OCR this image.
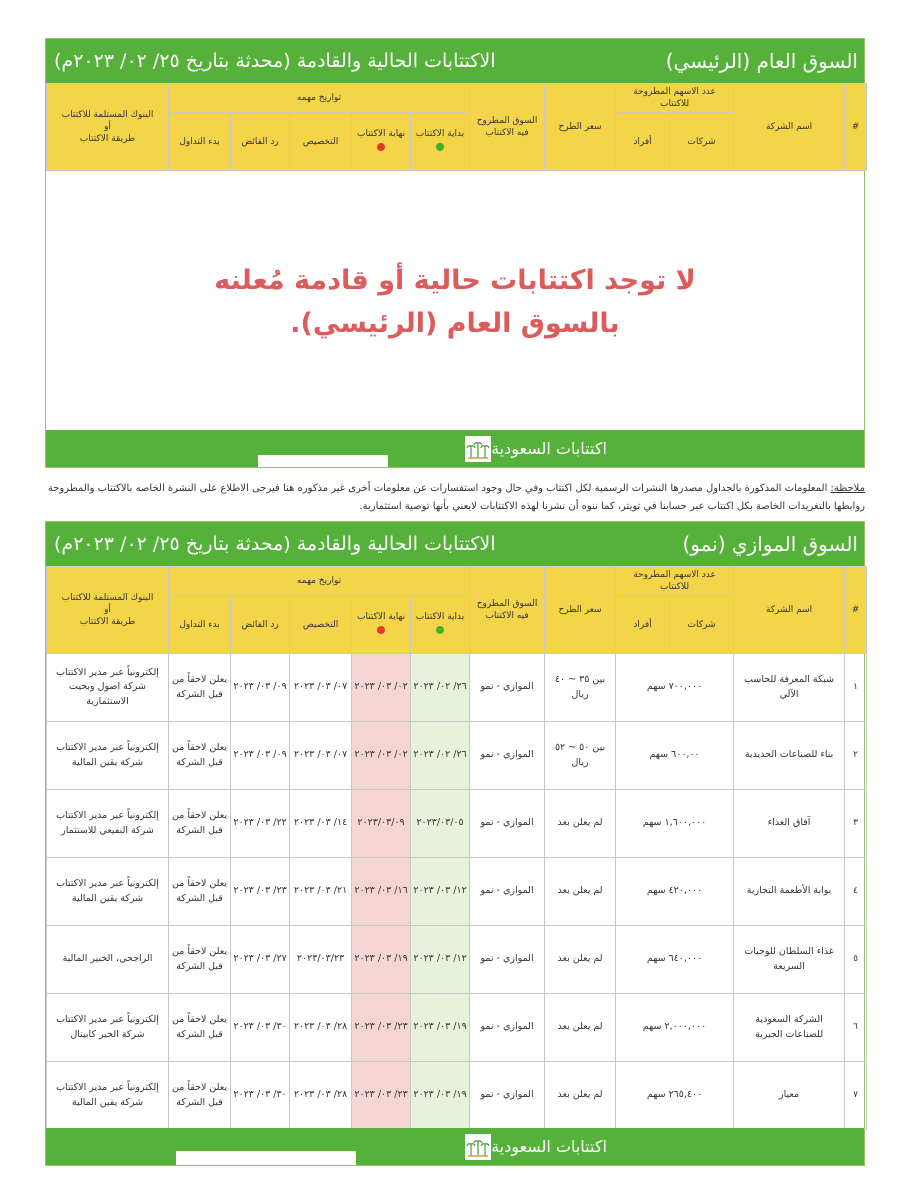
السوق العام (الرئيسي)
الاكتتابات الحالية والقادمة (محدثة بتاريخ ٢٥/ ٠٢/ ٢٠٢٣م)
#	اسم الشركة	عدد الاسهم المطروحة للاكتتاب		سعر الطرح	السوق المطروح فيه الاكتتاب	تواريخ مهمه					البنوك المستلمة للاكتتاب
أو
طريقة الاكتتاب

		شركات	أفراد			بداية الاكتتاب	نهاية الاكتتاب	التخصيص	رد الفائض	بدء التداول	
لا توجد اكتتابات حالية أو قادمة مُعلنه
بالسوق العام (الرئيسي).
اكتتابات السعودية
ملاحظة: المعلومات المذكورة بالجداول مصدرها النشرات الرسمية لكل اكتتاب وفي حال وجود استفسارات عن معلومات أخرى غير مذكوره هنا فيرجى الاطلاع على النشرة الخاصه بالاكتتاب والمطروحة روابطها بالتغريدات الخاصة بكل اكتتاب عبر حسابنا في تويتر، كما ننوه أن نشرنا لهذه الاكتتابات لايعني بأنها توصية استثمارية.
السوق الموازي (نمو)
الاكتتابات الحالية والقادمة (محدثة بتاريخ ٢٥/ ٠٢/ ٢٠٢٣م)
#	اسم الشركة	عدد الاسهم المطروحة للاكتتاب		سعر الطرح	السوق المطروح فيه الاكتتاب	تواريخ مهمه					البنوك المستلمة للاكتتاب
أو
طريقة الاكتتاب

		شركات	أفراد			بداية الاكتتاب	نهاية الاكتتاب	التخصيص	رد الفائض	بدء التداول	
١	شبكة المعرفة للحاسب الآلي	٧٠٠,٠٠٠ سهم		بين ٣٥ ~ ٤٠ ريال	الموازي - نمو	٢٦/ ٠٢/ ٢٠٢٣	٠٢/ ٠٣/ ٢٠٢٣	٠٧/ ٠٣/ ٢٠٢٣	٠٩/ ٠٣/ ٢٠٢٣	يعلن لاحقاً من قبل الشركة	إلكترونياً عبر مدير الاكتتاب شركة اصول وبخيت الاستثمارية
٢	بناء للصناعات الحديدية	٦٠٠,٠٠ سهم		بين ٥٠ ~ ٥٢ ريال	الموازي - نمو	٢٦/ ٠٢/ ٢٠٢٣	٠٢/ ٠٣/ ٢٠٢٣	٠٧/ ٠٣/ ٢٠٢٣	٠٩/ ٠٣/ ٢٠٢٣	يعلن لاحقاً من قبل الشركة	إلكترونياً عبر مدير الاكتتاب شركة يقين المالية
٣	آفاق الغذاء	١,٦٠٠,٠٠٠ سهم		لم يعلن بعد	الموازي - نمو	٢٠٢٣/٠٣/٠٥	٢٠٢٣/٠٣/٠٩	١٤/ ٠٣/ ٢٠٢٣	٢٢/ ٠٣/ ٢٠٢٣	يعلن لاحقاً من قبل الشركة	إلكترونياً عبر مدير الاكتتاب شركة النفيعي للاستثمار
٤	بوابة الأطعمة التجارية	٤٢٠,٠٠٠ سهم		لم يعلن بعد	الموازي - نمو	١٢/ ٠٣/ ٢٠٢٣	١٦/ ٠٣/ ٢٠٢٣	٢١/ ٠٣/ ٢٠٢٣	٢٣/ ٠٣/ ٢٠٢٣	يعلن لاحقاً من قبل الشركة	إلكترونياً عبر مدير الاكتتاب شركة يقين المالية
٥	غذاء السلطان للوجبات السريعة	٦٤٠,٠٠٠ سهم		لم يعلن بعد	الموازي - نمو	١٢/ ٠٣/ ٢٠٢٣	١٩/ ٠٣/ ٢٠٢٣	٢٠٢٣/٠٣/٢٣	٢٧/ ٠٣/ ٢٠٢٣	يعلن لاحقاً من قبل الشركة	الراجحي، الخبير المالية
٦	الشركة السعودية للصناعات الجيرية	٢,٠٠٠,٠٠٠ سهم		لم يعلن بعد	الموازي - نمو	١٩/ ٠٣/ ٢٠٢٣	٢٣/ ٠٣/ ٢٠٢٣	٢٨/ ٠٣/ ٢٠٢٣	٣٠/ ٠٣/ ٢٠٢٣	يعلن لاحقاً من قبل الشركة	إلكترونياً عبر مدير الاكتتاب شركة الخير كابيتال
٧	معيار	٢٦٥,٤٠٠ سهم		لم يعلن بعد	الموازي - نمو	١٩/ ٠٣/ ٢٠٢٣	٢٣/ ٠٣/ ٢٠٢٣	٢٨/ ٠٣/ ٢٠٢٣	٣٠/ ٠٣/ ٢٠٢٣	يعلن لاحقاً من قبل الشركة	إلكترونياً عبر مدير الاكتتاب شركة يقين المالية
اكتتابات السعودية
